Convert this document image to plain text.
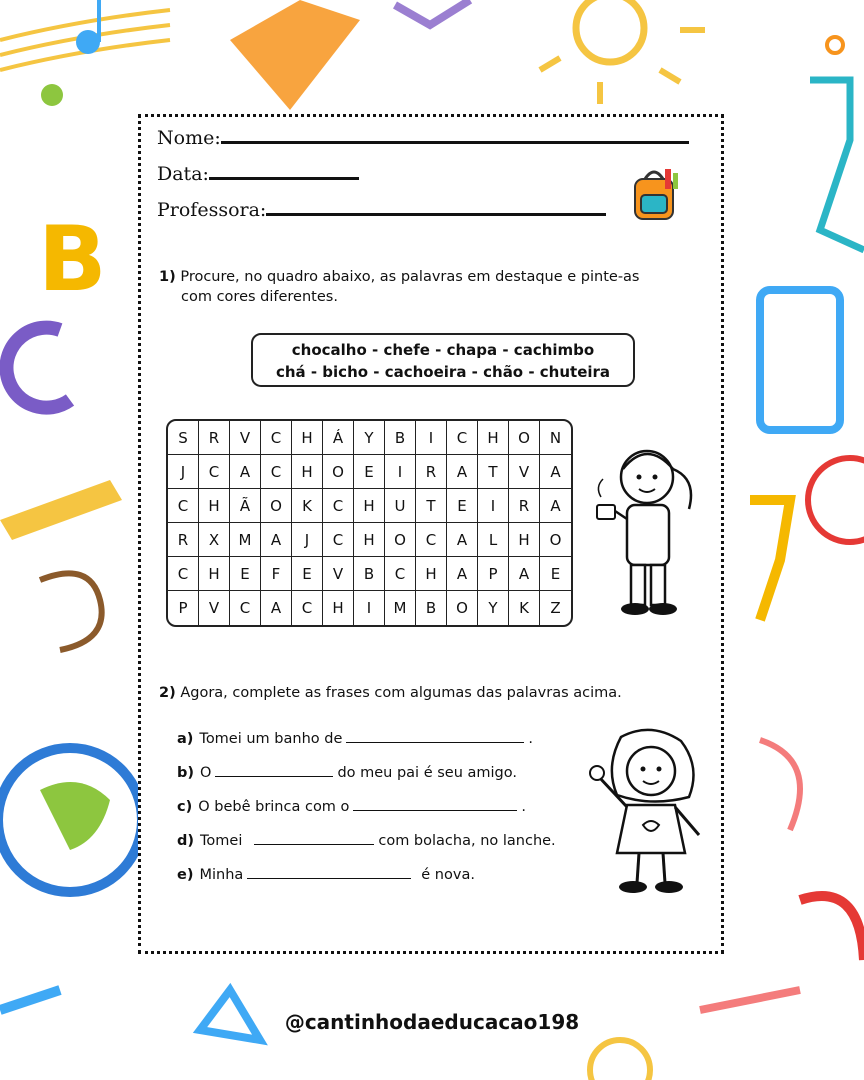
B
Nome:
Data:
Professora:
1) Procure, no quadro abaixo, as palavras em destaque e pinte-as
com cores diferentes.
chocalho - chefe - chapa - cachimbo
chá - bicho - cachoeira - chão - chuteira
S	R	V	C	H	Á	Y	B	I	C	H	O	N
J	C	A	C	H	O	E	I	R	A	T	V	A
C	H	Ã	O	K	C	H	U	T	E	I	R	A
R	X	M	A	J	C	H	O	C	A	L	H	O
C	H	E	F	E	V	B	C	H	A	P	A	E
P	V	C	A	C	H	I	M	B	O	Y	K	Z
2) Agora, complete as frases com algumas das palavras acima.
a) Tomei um banho de	.
b) O	do meu pai é seu amigo.
c) O bebê brinca com o	.
d) Tomei	com bolacha, no lanche.
e) Minha	é nova.
@cantinhodaeducacao198
